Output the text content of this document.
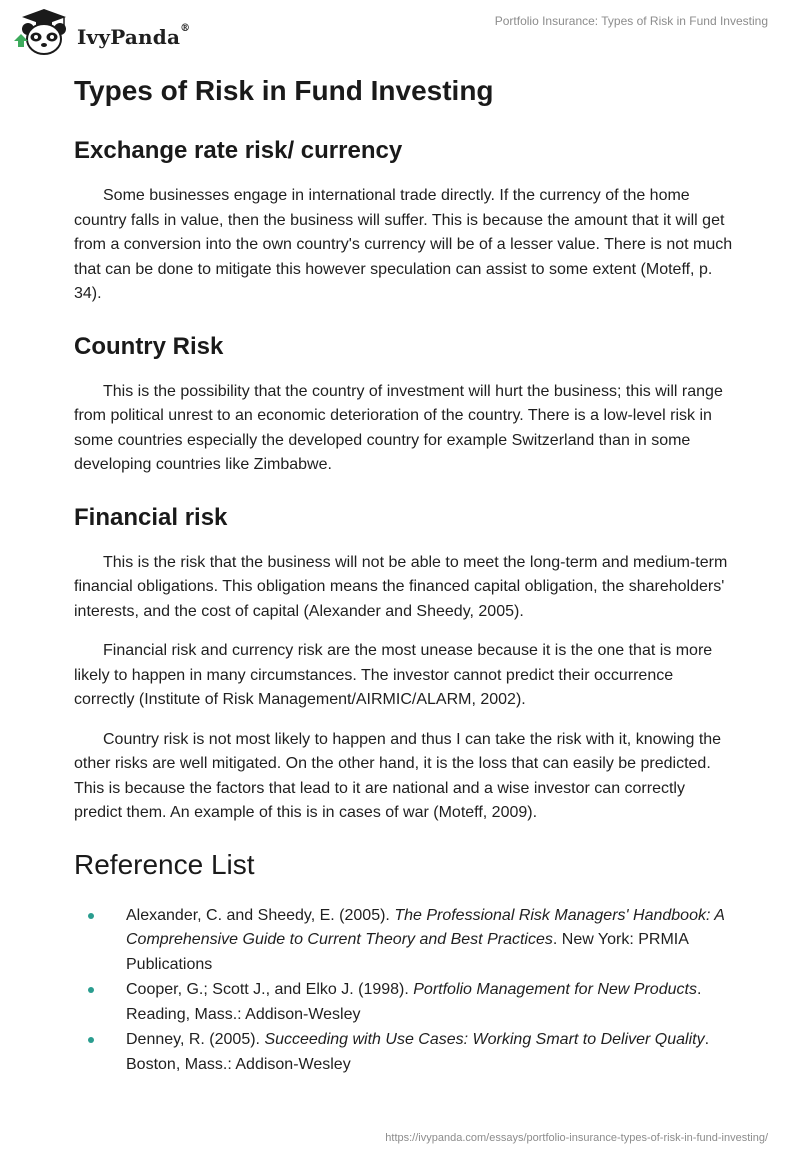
IvyPanda®
Portfolio Insurance: Types of Risk in Fund Investing
Types of Risk in Fund Investing
Exchange rate risk/ currency

Some businesses engage in international trade directly. If the currency of the home country falls in value, then the business will suffer. This is because the amount that it will get from a conversion into the own country's currency will be of a lesser value. There is not much that can be done to mitigate this however speculation can assist to some extent (Moteff, p. 34).

Country Risk

This is the possibility that the country of investment will hurt the business; this will range from political unrest to an economic deterioration of the country. There is a low-level risk in some countries especially the developed country for example Switzerland than in some developing countries like Zimbabwe.

Financial risk

This is the risk that the business will not be able to meet the long-term and medium-term financial obligations. This obligation means the financed capital obligation, the shareholders' interests, and the cost of capital (Alexander and Sheedy, 2005).

Financial risk and currency risk are the most unease because it is the one that is more likely to happen in many circumstances. The investor cannot predict their occurrence correctly (Institute of Risk Management/AIRMIC/ALARM, 2002).

Country risk is not most likely to happen and thus I can take the risk with it, knowing the other risks are well mitigated. On the other hand, it is the loss that can easily be predicted. This is because the factors that lead to it are national and a wise investor can correctly predict them. An example of this is in cases of war (Moteff, 2009).

Reference List
Alexander, C. and Sheedy, E. (2005). The Professional Risk Managers' Handbook: A Comprehensive Guide to Current Theory and Best Practices. New York: PRMIA Publications
Cooper, G.; Scott J., and Elko J. (1998). Portfolio Management for New Products. Reading, Mass.: Addison-Wesley
Denney, R. (2005). Succeeding with Use Cases: Working Smart to Deliver Quality. Boston, Mass.: Addison-Wesley
https://ivypanda.com/essays/portfolio-insurance-types-of-risk-in-fund-investing/
